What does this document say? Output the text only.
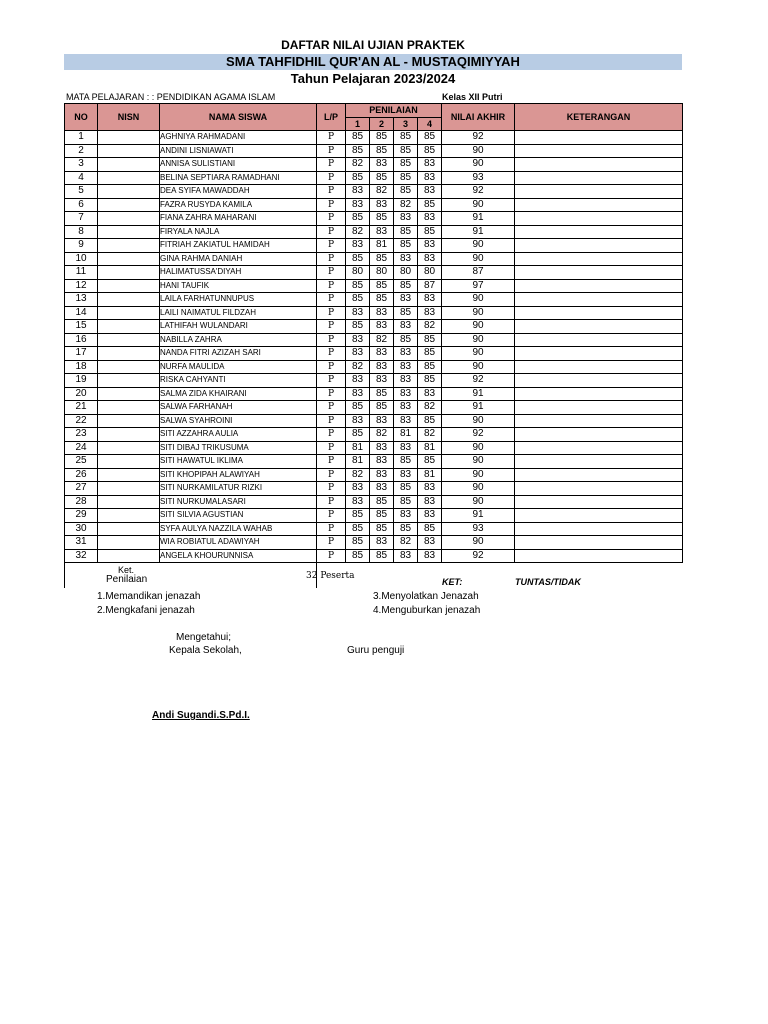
DAFTAR NILAI UJIAN PRAKTEK
SMA TAHFIDHIL QUR'AN AL - MUSTAQIMIYYAH
Tahun Pelajaran 2023/2024
MATA PELAJARAN : : PENDIDIKAN AGAMA ISLAM	Kelas XII Putri
NO	NISN	NAMA SISWA	L/P	PENILAIAN				NILAI AKHIR	KETERANGAN
				1	2	3	4		
1		AGHNIYA RAHMADANI	P	85	85	85	85	92	
2		ANDINI LISNIAWATI	P	85	85	85	85	90	
3		ANNISA SULISTIANI	P	82	83	85	83	90	
4		BELINA SEPTIARA RAMADHANI	P	85	85	85	83	93	
5		DEA SYIFA MAWADDAH	P	83	82	85	83	92	
6		FAZRA RUSYDA KAMILA	P	83	83	82	85	90	
7		FIANA ZAHRA MAHARANI	P	85	85	83	83	91	
8		FIRYALA NAJLA	P	82	83	85	85	91	
9		FITRIAH ZAKIATUL HAMIDAH	P	83	81	85	83	90	
10		GINA RAHMA DANIAH	P	85	85	83	83	90	
11		HALIMATUSSA'DIYAH	P	80	80	80	80	87	
12		HANI TAUFIK	P	85	85	85	87	97	
13		LAILA FARHATUNNUPUS	P	85	85	83	83	90	
14		LAILI NAIMATUL FILDZAH	P	83	83	85	83	90	
15		LATHIFAH WULANDARI	P	85	83	83	82	90	
16		NABILLA ZAHRA	P	83	82	85	85	90	
17		NANDA FITRI AZIZAH SARI	P	83	83	83	85	90	
18		NURFA MAULIDA	P	82	83	83	85	90	
19		RISKA CAHYANTI	P	83	83	83	85	92	
20		SALMA ZIDA KHAIRANI	P	83	85	83	83	91	
21		SALWA FARHANAH	P	85	85	83	82	91	
22		SALWA SYAHROINI	P	83	83	83	85	90	
23		SITI AZZAHRA AULIA	P	85	82	81	82	92	
24		SITI DIBAJ TRIKUSUMA	P	81	83	83	81	90	
25		SITI HAWATUL IKLIMA	P	81	83	85	85	90	
26		SITI KHOPIPAH ALAWIYAH	P	82	83	83	81	90	
27		SITI NURKAMILATUR RIZKI	P	83	83	85	83	90	
28		SITI NURKUMALASARI	P	83	85	85	83	90	
29		SITI SILVIA AGUSTIAN	P	85	85	83	83	91	
30		SYFA AULYA NAZZILA WAHAB	P	85	85	85	85	93	
31		WIA ROBIATUL ADAWIYAH	P	85	83	82	83	90	
32		ANGELA KHOURUNNISA	P	85	85	83	83	92	
Ket.
Penilaian	32 Peserta
KET:	TUNTAS/TIDAK
1.Memandikan jenazah
2.Mengkafani jenazah
3.Menyolatkan Jenazah
4.Menguburkan jenazah
Mengetahui;
Kepala Sekolah,	Guru penguji
Andi Sugandi.S.Pd.I.
